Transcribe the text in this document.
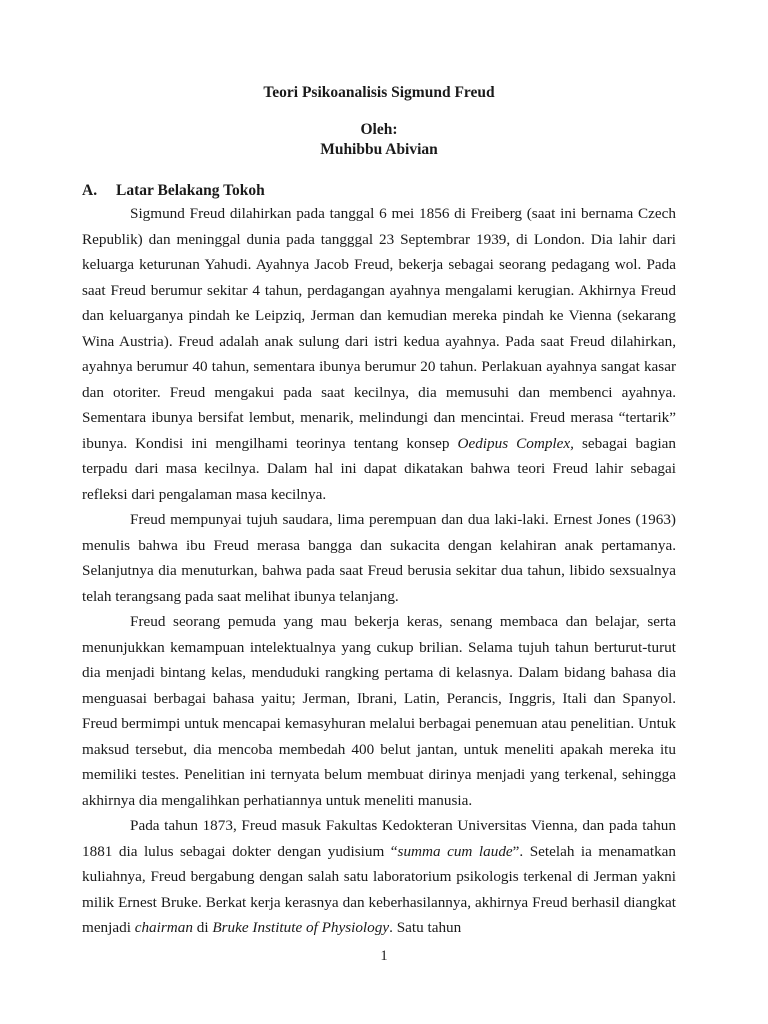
Teori Psikoanalisis Sigmund Freud
Oleh:
Muhibbu Abivian
A.	Latar Belakang Tokoh

Sigmund Freud dilahirkan pada tanggal 6 mei 1856 di Freiberg (saat ini bernama Czech Republik) dan meninggal dunia pada tangggal 23 Septembrar 1939, di London. Dia lahir dari keluarga keturunan Yahudi. Ayahnya Jacob Freud, bekerja sebagai seorang pedagang wol. Pada saat Freud berumur sekitar 4 tahun, perdagangan ayahnya mengalami kerugian. Akhirnya Freud dan keluarganya pindah ke Leipziq, Jerman dan kemudian mereka pindah ke Vienna (sekarang Wina Austria). Freud adalah anak sulung dari istri kedua ayahnya. Pada saat Freud dilahirkan, ayahnya berumur 40 tahun, sementara ibunya berumur 20 tahun. Perlakuan ayahnya sangat kasar dan otoriter. Freud mengakui pada saat kecilnya, dia memusuhi dan membenci ayahnya. Sementara ibunya bersifat lembut, menarik, melindungi dan mencintai. Freud merasa “tertarik” ibunya. Kondisi ini mengilhami teorinya tentang konsep Oedipus Complex, sebagai bagian terpadu dari masa kecilnya. Dalam hal ini dapat dikatakan bahwa teori Freud lahir sebagai refleksi dari pengalaman masa kecilnya.

Freud mempunyai tujuh saudara, lima perempuan dan dua laki-laki. Ernest Jones (1963) menulis bahwa ibu Freud merasa bangga dan sukacita dengan kelahiran anak pertamanya. Selanjutnya dia menuturkan, bahwa pada saat Freud berusia sekitar dua tahun, libido sexsualnya telah terangsang pada saat melihat ibunya telanjang.

Freud seorang pemuda yang mau bekerja keras, senang membaca dan belajar, serta menunjukkan kemampuan intelektualnya yang cukup brilian. Selama tujuh tahun berturut-turut dia menjadi bintang kelas, menduduki rangking pertama di kelasnya. Dalam bidang bahasa dia menguasai berbagai bahasa yaitu; Jerman, Ibrani, Latin, Perancis, Inggris, Itali dan Spanyol. Freud bermimpi untuk mencapai kemasyhuran melalui berbagai penemuan atau penelitian. Untuk maksud tersebut, dia mencoba membedah 400 belut jantan, untuk meneliti apakah mereka itu memiliki testes. Penelitian ini ternyata belum membuat dirinya menjadi yang terkenal, sehingga akhirnya dia mengalihkan perhatiannya untuk meneliti manusia.

Pada tahun 1873, Freud masuk Fakultas Kedokteran Universitas Vienna, dan pada tahun 1881 dia lulus sebagai dokter dengan yudisium “summa cum laude”. Setelah ia menamatkan kuliahnya, Freud bergabung dengan salah satu laboratorium psikologis terkenal di Jerman yakni milik Ernest Bruke. Berkat kerja kerasnya dan keberhasilannya, akhirnya Freud berhasil diangkat menjadi chairman di Bruke Institute of Physiology. Satu tahun

1
